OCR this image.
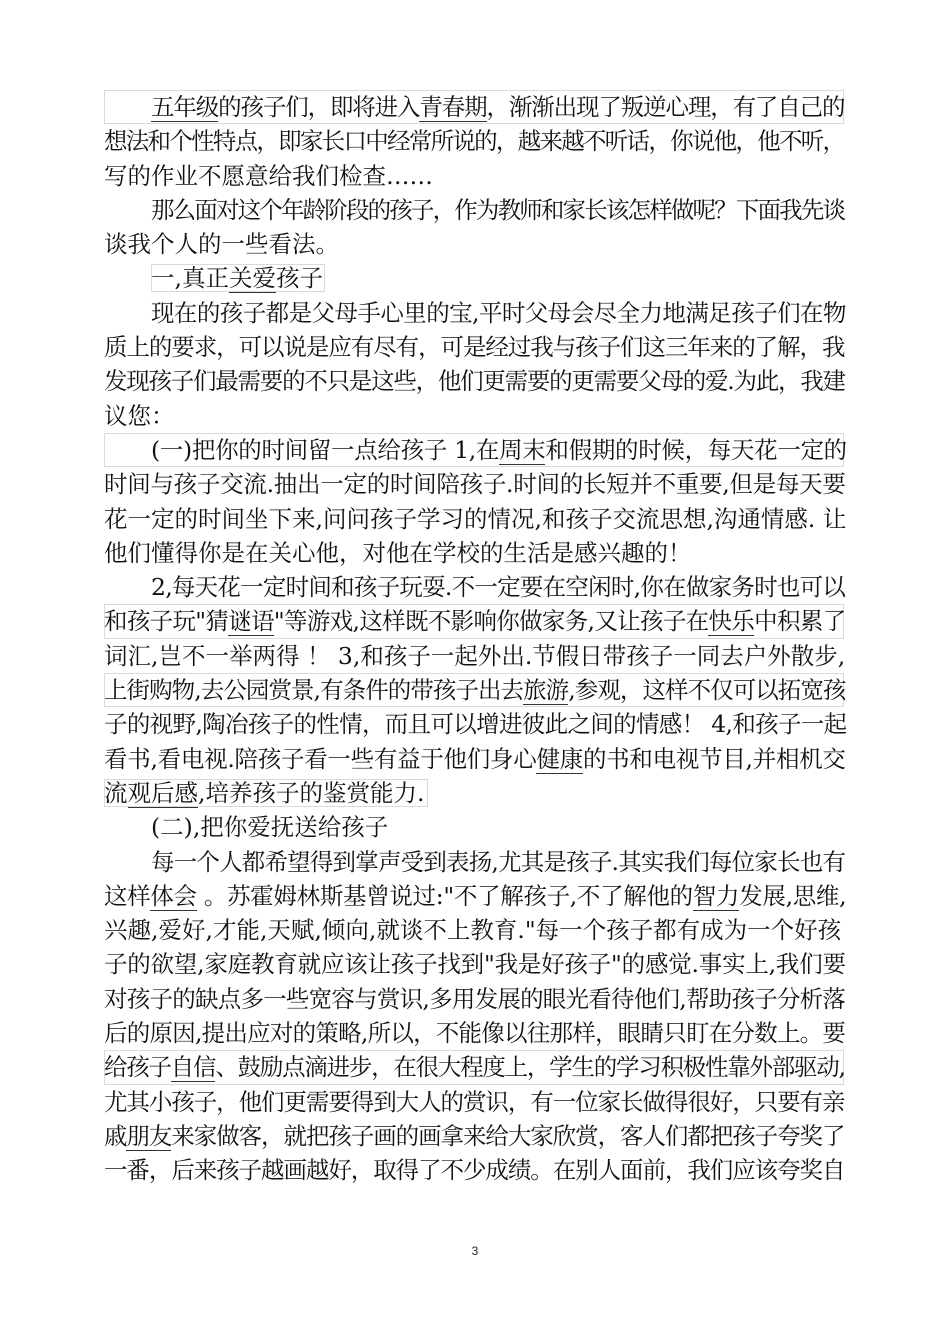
五年级的孩子们，即将进入青春期，渐渐出现了叛逆心理，有了自己的
想法和个性特点，即家长口中经常所说的，越来越不听话，你说他，他不听，
写的作业不愿意给我们检查……
那么面对这个年龄阶段的孩子，作为教师和家长该怎样做呢？下面我先谈
谈我个人的一些看法。
一,真正关爱孩子
现在的孩子都是父母手心里的宝,平时父母会尽全力地满足孩子们在物
质上的要求，可以说是应有尽有，可是经过我与孩子们这三年来的了解，我
发现孩子们最需要的不只是这些，他们更需要的更需要父母的爱.为此，我建
议您：
(一)把你的时间留一点给孩子 1,在周末和假期的时候，每天花一定的
时间与孩子交流.抽出一定的时间陪孩子.时间的长短并不重要,但是每天要
花一定的时间坐下来,问问孩子学习的情况,和孩子交流思想,沟通情感. 让
他们懂得你是在关心他，对他在学校的生活是感兴趣的！
2,每天花一定时间和孩子玩耍.不一定要在空闲时,你在做家务时也可以
和孩子玩"猜谜语"等游戏,这样既不影响你做家务,又让孩子在快乐中积累了
词汇,岂不一举两得 ！ 3,和孩子一起外出.节假日带孩子一同去户外散步,
上街购物,去公园赏景,有条件的带孩子出去旅游,参观，这样不仅可以拓宽孩
子的视野,陶冶孩子的性情，而且可以增进彼此之间的情感！ 4,和孩子一起
看书,看电视.陪孩子看一些有益于他们身心健康的书和电视节目,并相机交
流观后感,培养孩子的鉴赏能力.
(二),把你爱抚送给孩子
每一个人都希望得到掌声受到表扬,尤其是孩子.其实我们每位家长也有
这样体会 。苏霍姆林斯基曾说过:"不了解孩子,不了解他的智力发展,思维,
兴趣,爱好,才能,天赋,倾向,就谈不上教育."每一个孩子都有成为一个好孩
子的欲望,家庭教育就应该让孩子找到"我是好孩子"的感觉.事实上,我们要
对孩子的缺点多一些宽容与赏识,多用发展的眼光看待他们,帮助孩子分析落
后的原因,提出应对的策略,所以，不能像以往那样，眼睛只盯在分数上。要
给孩子自信、鼓励点滴进步，在很大程度上，学生的学习积极性靠外部驱动,
尤其小孩子，他们更需要得到大人的赏识，有一位家长做得很好，只要有亲
戚朋友来家做客，就把孩子画的画拿来给大家欣赏，客人们都把孩子夸奖了
一番，后来孩子越画越好，取得了不少成绩。在别人面前，我们应该夸奖自
3
